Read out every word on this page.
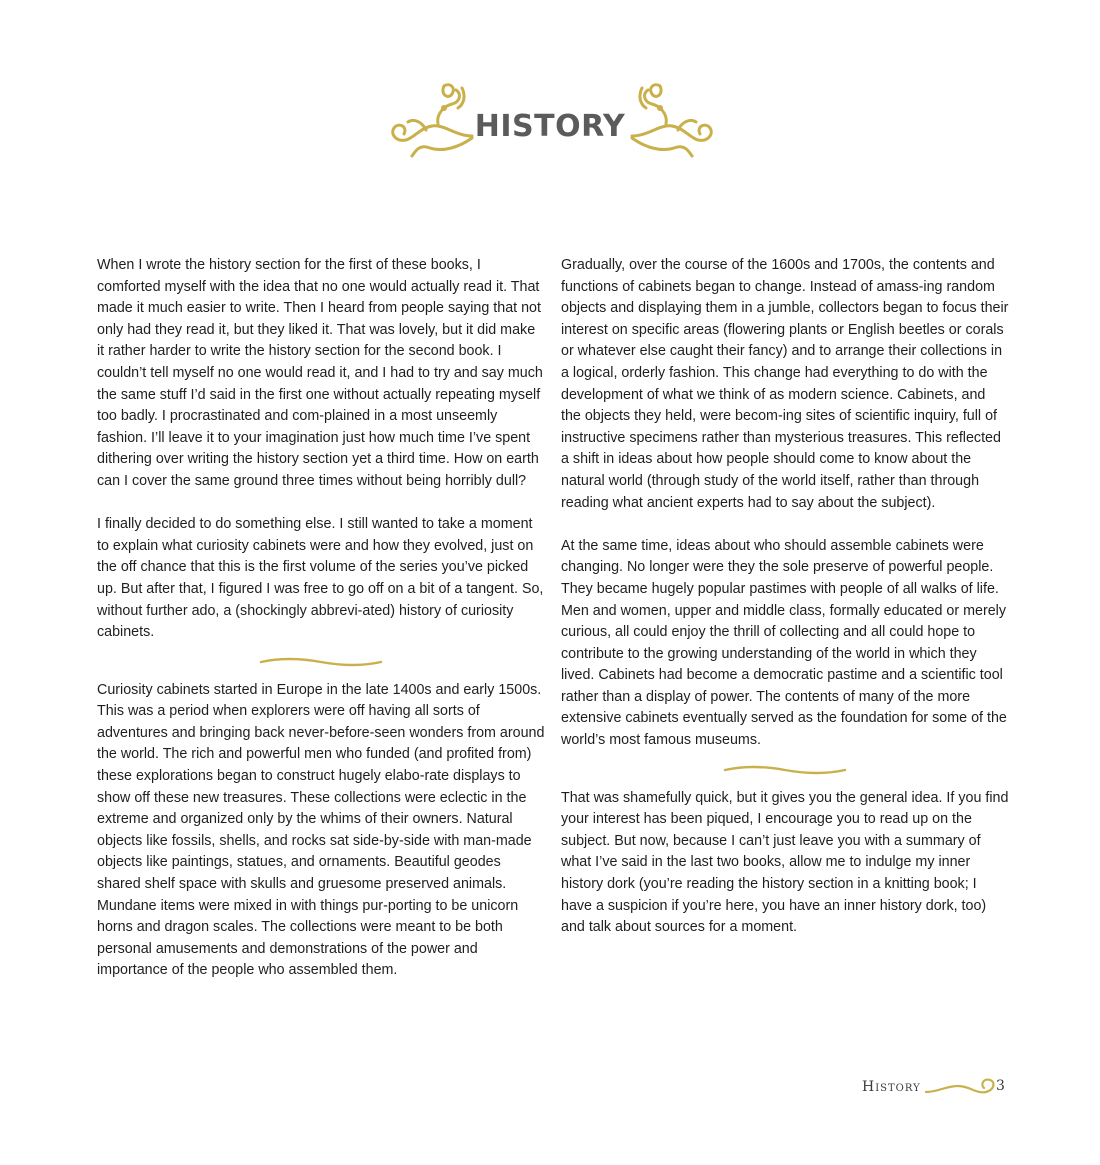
HISTORY

When I wrote the history section for the first of these books, I comforted myself with the idea that no one would actually read it. That made it much easier to write. Then I heard from people saying that not only had they read it, but they liked it. That was lovely, but it did make it rather harder to write the history section for the second book. I couldn’t tell myself no one would read it, and I had to try and say much the same stuff I’d said in the first one without actually repeating myself too badly. I procrastinated and com-plained in a most unseemly fashion. I’ll leave it to your imagination just how much time I’ve spent dithering over writing the history section yet a third time. How on earth can I cover the same ground three times without being horribly dull?

I finally decided to do something else. I still wanted to take a moment to explain what curiosity cabinets were and how they evolved, just on the off chance that this is the first volume of the series you’ve picked up. But after that, I figured I was free to go off on a bit of a tangent. So, without further ado, a (shockingly abbrevi-ated) history of curiosity cabinets.

Curiosity cabinets started in Europe in the late 1400s and early 1500s. This was a period when explorers were off having all sorts of adventures and bringing back never-before-seen wonders from around the world. The rich and powerful men who funded (and profited from) these explorations began to construct hugely elabo-rate displays to show off these new treasures. These collections were eclectic in the extreme and organized only by the whims of their owners. Natural objects like fossils, shells, and rocks sat side-by-side with man-made objects like paintings, statues, and ornaments. Beautiful geodes shared shelf space with skulls and gruesome preserved animals. Mundane items were mixed in with things pur-porting to be unicorn horns and dragon scales. The collections were meant to be both personal amusements and demonstrations of the power and importance of the people who assembled them.

Gradually, over the course of the 1600s and 1700s, the contents and functions of cabinets began to change. Instead of amass-ing random objects and displaying them in a jumble, collectors began to focus their interest on specific areas (flowering plants or English beetles or corals or whatever else caught their fancy) and to arrange their collections in a logical, orderly fashion. This change had everything to do with the development of what we think of as modern science. Cabinets, and the objects they held, were becom-ing sites of scientific inquiry, full of instructive specimens rather than mysterious treasures. This reflected a shift in ideas about how people should come to know about the natural world (through study of the world itself, rather than through reading what ancient experts had to say about the subject).

At the same time, ideas about who should assemble cabinets were changing. No longer were they the sole preserve of powerful people. They became hugely popular pastimes with people of all walks of life. Men and women, upper and middle class, formally educated or merely curious, all could enjoy the thrill of collecting and all could hope to contribute to the growing understanding of the world in which they lived. Cabinets had become a democratic pastime and a scientific tool rather than a display of power. The contents of many of the more extensive cabinets eventually served as the foundation for some of the world’s most famous museums.

That was shamefully quick, but it gives you the general idea. If you find your interest has been piqued, I encourage you to read up on the subject. But now, because I can’t just leave you with a summary of what I’ve said in the last two books, allow me to indulge my inner history dork (you’re reading the history section in a knitting book; I have a suspicion if you’re here, you have an inner history dork, too) and talk about sources for a moment.

History	3
